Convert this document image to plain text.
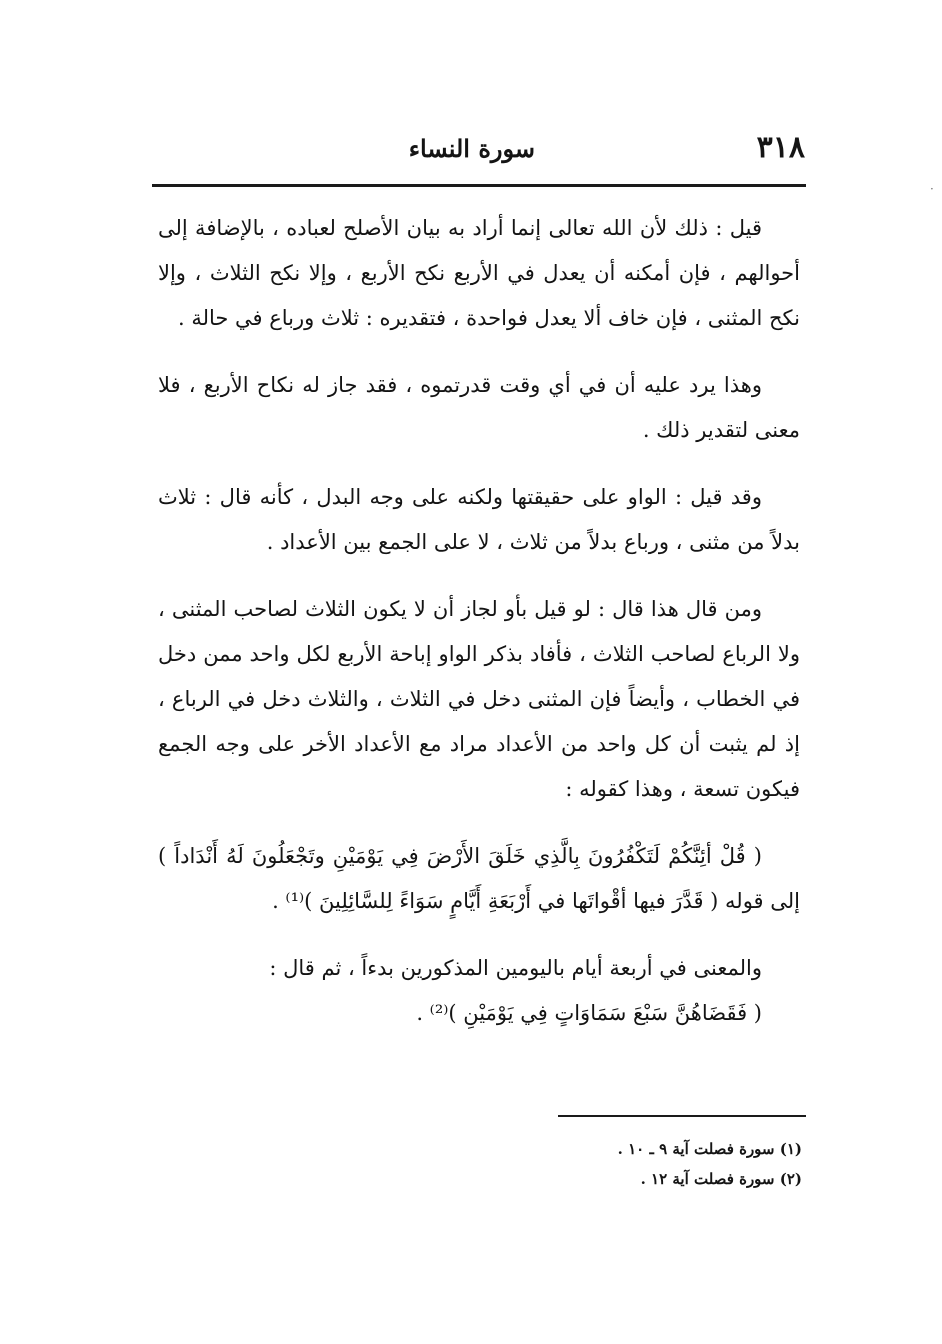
٣١٨
سورة النساء
·

قيل : ذلك لأن الله تعالى إنما أراد به بيان الأصلح لعباده ، بالإضافة إلى أحوالهم ، فإن أمكنه أن يعدل في الأربع نكح الأربع ، وإلا نكح الثلاث ، وإلا نكح المثنى ، فإن خاف ألا يعدل فواحدة ، فتقديره : ثلاث ورباع في حالة .

وهذا يرد عليه أن في أي وقت قدرتموه ، فقد جاز له نكاح الأربع ، فلا معنى لتقدير ذلك .

وقد قيل : الواو على حقيقتها ولكنه على وجه البدل ، كأنه قال : ثلاث بدلاً من مثنى ، ورباع بدلاً من ثلاث ، لا على الجمع بين الأعداد .

ومن قال هذا قال : لو قيل بأو لجاز أن لا يكون الثلاث لصاحب المثنى ، ولا الرباع لصاحب الثلاث ، فأفاد بذكر الواو إباحة الأربع لكل واحد ممن دخل في الخطاب ، وأيضاً فإن المثنى دخل في الثلاث ، والثلاث دخل في الرباع ، إذ لم يثبت أن كل واحد من الأعداد مراد مع الأعداد الأخر على وجه الجمع فيكون تسعة ، وهذا كقوله :

( قُلْ أئِنَّكُمْ لَتَكْفُرُونَ بِالَّذِي خَلَقَ الأَرْضَ فِي يَوْمَيْنِ وتَجْعَلُونَ لَهُ أَنْدَاداً ) إلى قوله ( قَدَّرَ فيها أقْواتَها في أَرْبَعَةِ أَيَّامٍ سَوَاءً لِلسَّائِلِينَ )⁽¹⁾ .

والمعنى في أربعة أيام باليومين المذكورين بدءاً ، ثم قال :

( فَقَضَاهُنَّ سَبْعَ سَمَاوَاتٍ فِي يَوْمَيْنِ )⁽²⁾ .

(١) سورة فصلت آية ٩ ـ ١٠ .

(٢) سورة فصلت آية ١٢ .
